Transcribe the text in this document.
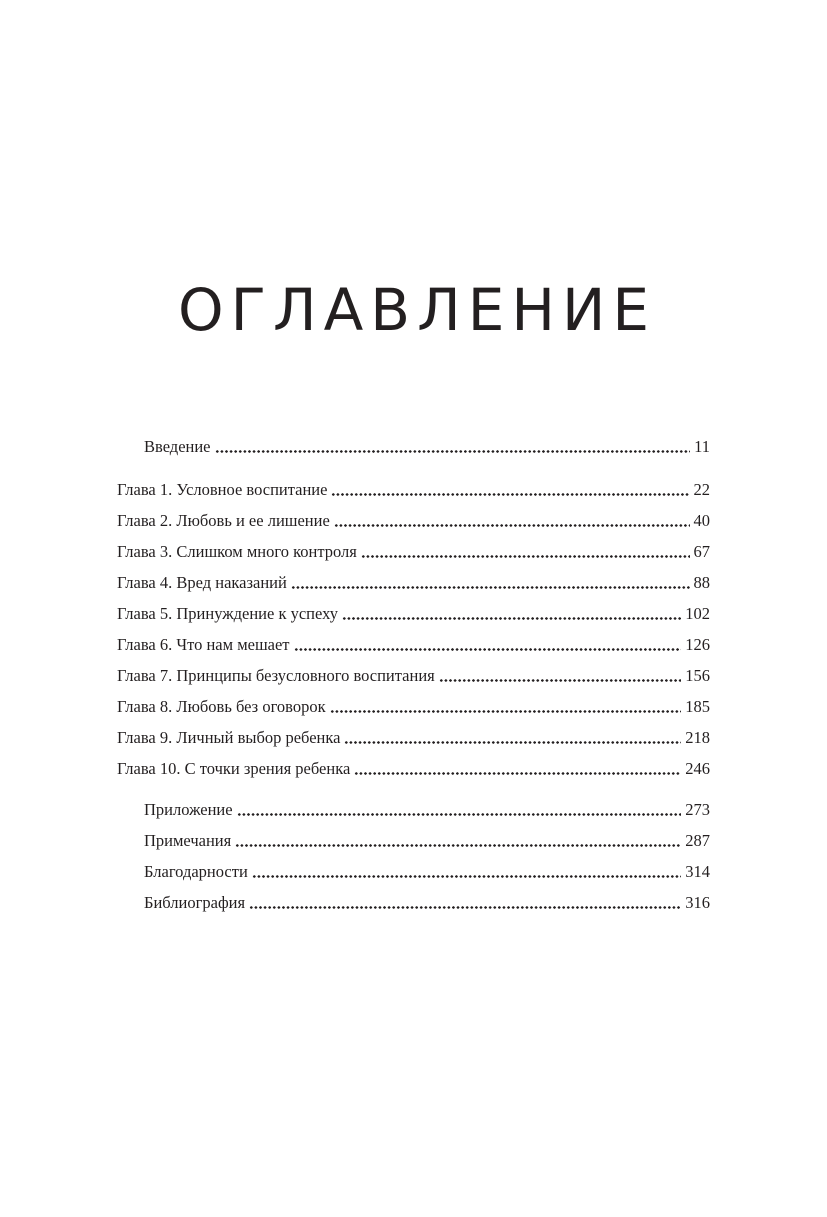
ОГЛАВЛЕНИЕ
Введение	11
Глава 1. Условное воспитание	22
Глава 2. Любовь и ее лишение	40
Глава 3. Слишком много контроля	67
Глава 4. Вред наказаний	88
Глава 5. Принуждение к успеху	102
Глава 6. Что нам мешает	126
Глава 7. Принципы безусловного воспитания	156
Глава 8. Любовь без оговорок	185
Глава 9. Личный выбор ребенка	218
Глава 10. С точки зрения ребенка	246
Приложение	273
Примечания	287
Благодарности	314
Библиография	316
